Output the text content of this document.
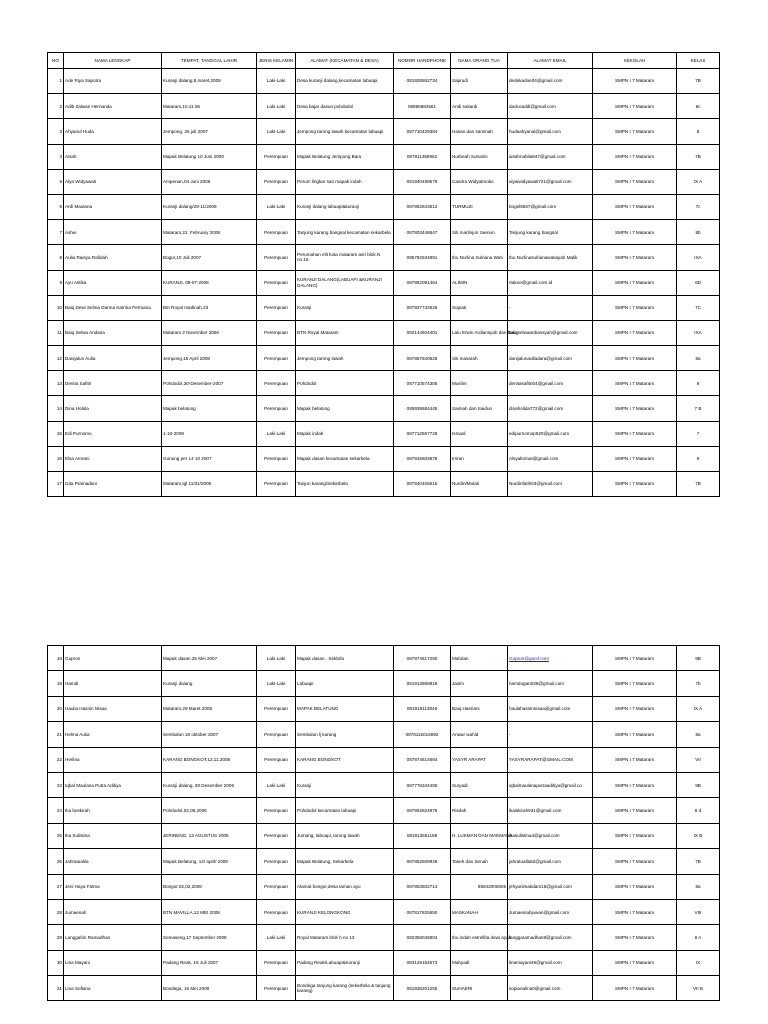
NO	NAMA LENGKAP	TEMPAT, TANGGAL LAHIR	JENIS KELAMIN	ALAMAT (KECAMATAN & DESA)	NOMOR HANDPHONE	NAMA ORANG TUA	ALAMAT EMAIL	SEKOLAH	KELAS
1	Ade Riya Saputra	Kuranji dalang,8,maret,2009	Laki-Laki	Desa kuranji dalang,kecamatan labuapi	081928552734	Saprudi	dedekadoe04@gmail.com	SMPN I 7 Mataram	7B
2	Adib Zalwan Hernanda	Mataram,10.11.06	Laki-Laki	Desa bajar dasun pohdodol	08986882561	Andi sukardi	dadcoaddi@gmail.com	SMPN I 7 Mataram	9c
3	Ahyanul Huda	Jempong, 25 juli 2007	Laki-Laki	Jempong tarong lawah kecamatan labuapi	087710429384	Hasan dan saminah	hudaahyanul@gmail.com	SMPN I 7 Mataram	8
4	Aisah	Mapak Belatung 10 Juni 2009	Perempuan	Mapak Belatung Jempong Baru	087811359962	Nurbeah Suhaimi	aisahnabila947@gmail.com	SMPN I 7 Mataram	7B
5	Alya Widyawati	Ampenan,04 Juni 2006	Perempuan	Perum lingkar sari mapak indah	081940499579	Candra Widyatmoko	alyaiwidyawati721@gmail.com	SMPN I 7 Mataram	IX A
6	Ardi Maulana	Kuranji dalang/28‐11/2009	Laki-Laki	Kuranji dalang labuapi&kuranji	087862843612	TURMUZI	bogel8567@gmail.com	SMPN I 7 Mataram	7c
7	Ashei	Mataram,22, February 2008	Perempuan	Tanjung karang bangsal kecamatan sekarbela	087803448647	Siti marlinjun zaenun	Tanjung karang bangsal	SMPN I 7 Mataram	8b
8	Aulia Raisya Rafidah	Bogor,10 Juli 2007	Perempuan	Perumahan elit kota mataram asri blok.N no.16	085792534891	Ibu Nurlina Sulriana Wati	Ibu Nurlinasulrianawatiayah Malik	SMPN I 7 Mataram	IXA
9	Ayu Astika	KURANJI, 09-07-2008	Perempuan	KURANJI DALANG(LABUAPI &KURANJI DALANG)	087862091464	ALIMIN	rtakoe@gmail.com.id	SMPN I 7 Mataram	8D
10	Baiq Dewi Selma Darma Katrina Permana	Btn Royal madinah.23	Perempuan	Kuranji	087837732628	Sopiati	-	SMPN I 7 Mataram	7C
11	Baiq Selwa Andana	Mataram 2 November 2006	Perempuan	BTN Royal Mataram	082144604401	Lalu Erwin Ardiansyah dan Baiq	baiqselwaardiansyah@gmail.com	SMPN I 7 Mataram	IXA
12	Danijalun Aulia	Jempong,15 April 2008	Perempuan	Jempong tarong lawah	087857940628	Siti masarah	danijalunaulladara@gmail.com	SMPN I 7 Mataram	8a
13	Denita Safitri	Pohdodol,30-Desember-2007	Perempuan	Pohdodol	087710574305	Muslim	denitasafitri04@gmail.com	SMPN I 7 Mataram	9
14	Dina Holida	Mapak belatung	Perempuan	Mapak belatung	085939584445	Saimah dan Saidun	dinaholida772@gmail.com	SMPN I 7 Mataram	7 B
15	Edi Purnomo	1-10-2009	Laki-Laki	Mapak indah	087712567728	Ismadi	edipurnomop520@gmail.com	SMPN I 7 Mataram	7
16	Elsa Amrani	Gunung per 14 10 2007	Perempuan	Mapak dasan kecamatan sekarbela	087815603878	Imran	Alsyaltomat@gmail.com	SMPN I 7 Mataram	9
17	Gita Pramadani	Mataram,tgl 11/01/2008	Perempuan	Tanjun karang/Sekarbela	087840406515	Nurdin/Mulati	Nurdinfatih63@gmail.com	SMPN I 7 Mataram	7B
18	Gupron	Mapak dasan.25 Mei 2007	Laki-Laki	Mapak dasan . Sekbrla	087874617290	Mahdan	Gupron@gaml.com	SMPN I 7 Mataram	9B
19	Hamdi	Kuranji dalang	Laki-Laki	Labuapi	081913868918	Jasim	hamdogan038@gmail.com	SMPN I 7 Mataram	7b
20	Haulia Hasnin Nisaa	Mataram,29 Maret 2008	Perempuan	MAPAK BELATUNG	081918113848	Baiq.Haeriani	haulahasninnisaa@gmail.com	SMPN I 7 Mataram	IX A
21	Helma Aulia	Sembalun 18 oktober 2007	Perempuan	Sembalun lj karang	0878115015992	Anwar wahid	-	SMPN I 7 Mataram	8a
22	Herlina	KARANG BONGKOT,12,11,2008	Perempuan	KARANG BONGKOT	087874614684	YASYR ARAPAT	YASYRARAPAT@GMAIL.COM	SMPN I 7 Mataram	VII
23	Iqbal Maulana Putra Aditiya	Kuranji dalang, 30 Desember 2006	Laki-Laki	Kuranji	087776344490	Suryadi	iqbalmaulanaputraaditiya@gmail.co	SMPN I 7 Mataram	9B
24	Ika beskirah	Pohdodol,02,09,2006	Perempuan	Pohdodol kecamatan labuapi	087862824976	Risdah	ikaiskirah931@gmail.com	SMPN I 7 Mataram	8 d
25	Ika Sulistina	JERINENG, 13 AGUSTUS 2006	Perempuan	Jumang, labuapi, tarong lawah	081913561168	H. LUKMAN DAN MAEMANA	ikasulistina4@gmail.com	SMPN I 7 Mataram	IX B
26	Jahratualila	Mapak Belatung, 14/ april/ 2009	Perempuan	Mapak Belatung, Sekarbela	087852509949	Taseh dan Senah	jahratualla52@gmail.com	SMPN I 7 Mataram	7B
27	Jeni Haya Fatma	Bongor,02,02,2008	Perempuan	Alamat bongor,desa taman ayu	087853502714	85942000605	jehyanimakdam15@gmail.com	SMPN I 7 Mataram	8a
28	Jumaenah	BTN MAVILLA,12 MEI 2008	Perempuan	KURANJI KELONGKONG	087817825550	MASKANAH	Jumaeniahjuwan@gmail.com	SMPN I 7 Mataram	VIII
29	Langgahin Ramadhan	Semaseng,17 September 2008	Laki-Laki	Royal Mataram blok h no 13	082358045804	Ibu indah estrellita dewi ayah	langgaramadhan8@gmail.com	SMPN I 7 Mataram	8 A
30	Lina Mayani	Padang Reak, 16 Juli 2007	Perempuan	Padang Reak/Labuapi&Kuranji	083129184673	Mahyadi	linamayani49@gmail.com	SMPN I 7 Mataram	IX
31	Lina Sofiana	Bondega, 15 Mei 2008	Perempuan	Bondega tanjung karang (sekarbela & tanjung karang)	081936201255	SUHAERI	sopianalina0@gmail.com	SMPN I 7 Mataram	VII B
